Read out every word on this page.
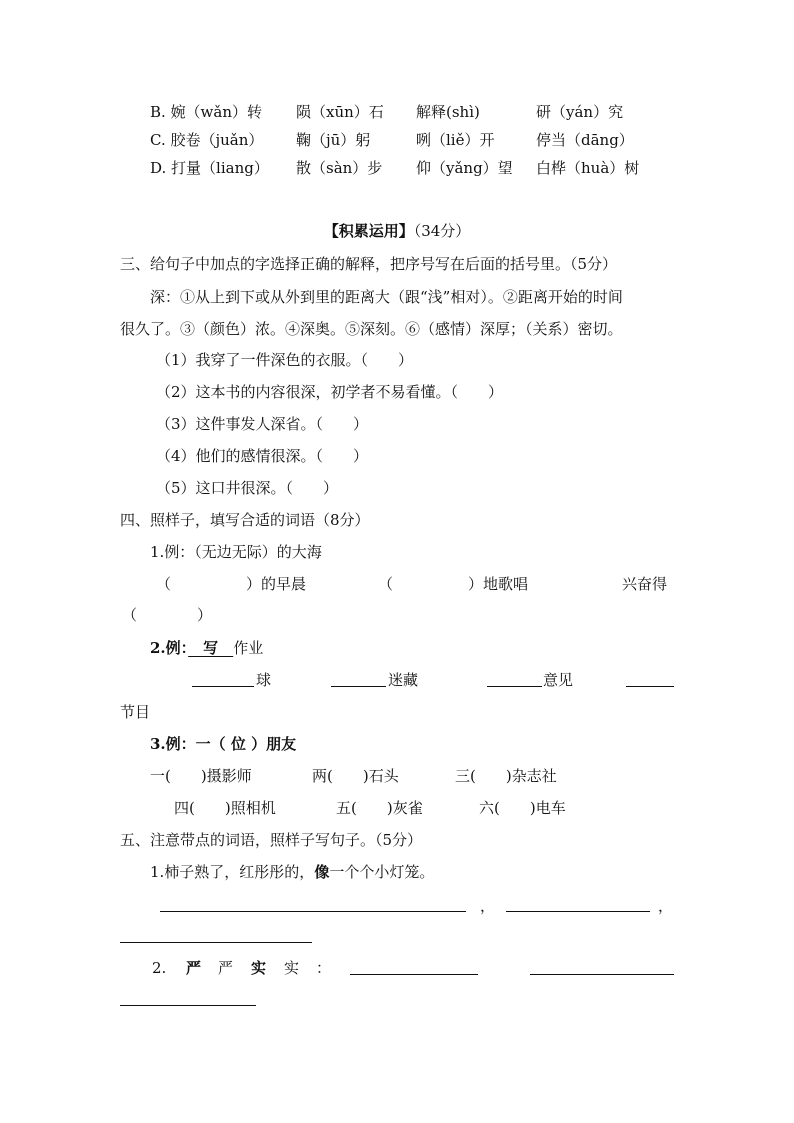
B. 婉（wǎn）转 陨（xūn）石 解释(shì)	研（yán）究
C. 胶卷（juǎn） 鞠（jū）躬	咧（liě）开	停当（dāng）
D. 打量（liang） 散（sàn）步 仰（yǎng）望 白桦（huà）树
【积累运用】（34分）
三、给句子中加点的字选择正确的解释，把序号写在后面的括号里。（5分）
深：①从上到下或从外到里的距离大（跟“浅”相对）。②距离开始的时间
很久了。③（颜色）浓。④深奥。⑤深刻。⑥（感情）深厚；（关系）密切。
（1）我穿了一件深色的衣服。（　　）
（2）这本书的内容很深，初学者不易看懂。（　　）
（3）这件事发人深省。（　　）
（4）他们的感情很深。（　　）
（5）这口井很深。（　　）
四、照样子，填写合适的词语（8分）
1.例：（无边无际）的大海
（　　　　　）的早晨	（　　　　　）地歌唱	兴奋得
（　　　　）
2.例：　写　作业
球	迷藏	意见
节目
3.例：一（ 位 ）朋友
一(　　)摄影师	两(　　)石头	三(　　)杂志社
四(　　)照相机	五(　　)灰雀	六(　　)电车
五、注意带点的词语，照样子写句子。（5分）
1.柿子熟了，红彤彤的，像一个个小灯笼。
，	，
2. 严 严 实 实 ：
